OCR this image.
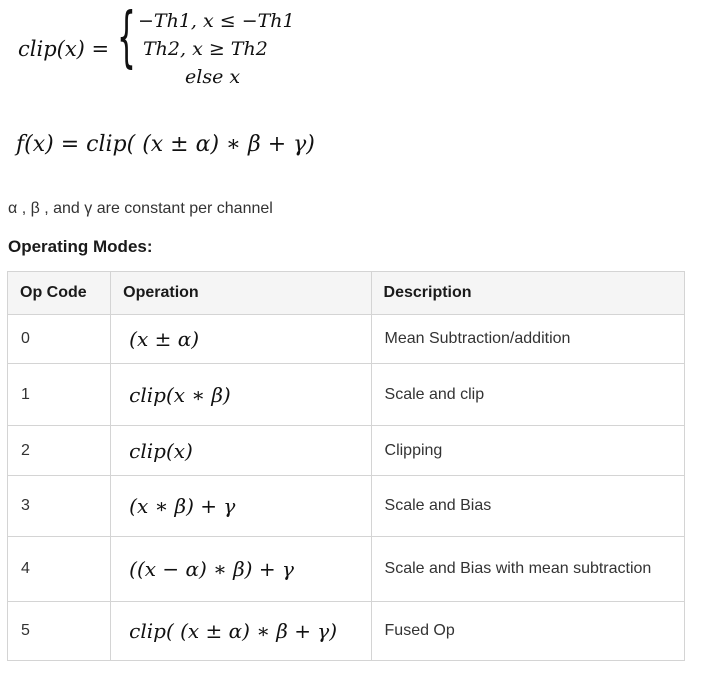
clip(x) = { −Th1, x ≤ −Th1
Th2, x ≥ Th2
else x
f(x) = clip( (x ± α) ∗ β + γ)
α , β , and γ are constant per channel
Operating Modes:
Op Code	Operation	Description
0	(x ± α)	Mean Subtraction/addition
1	clip(x ∗ β)	Scale and clip
2	clip(x)	Clipping
3	(x ∗ β) + γ	Scale and Bias
4	((x − α) ∗ β) + γ	Scale and Bias with mean subtraction
5	clip( (x ± α) ∗ β + γ)	Fused Op
